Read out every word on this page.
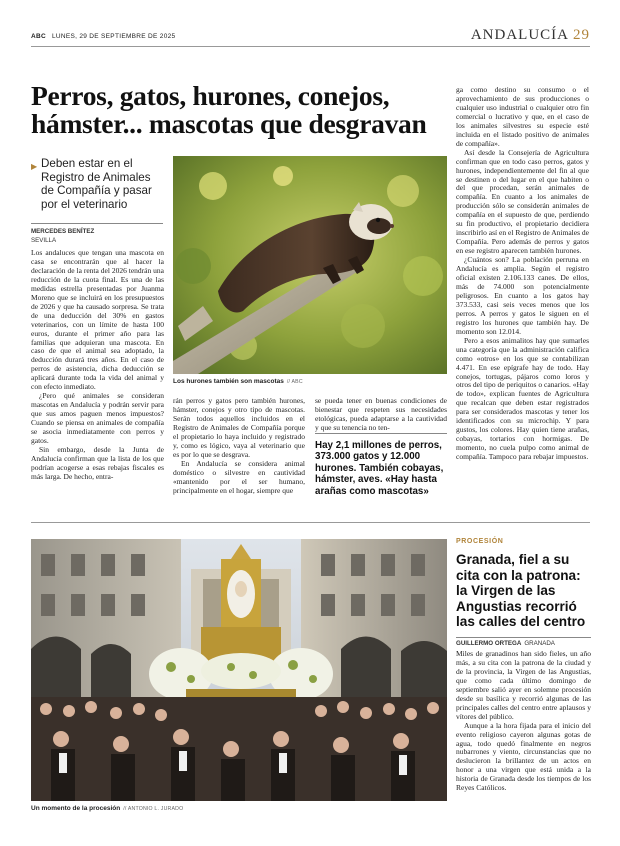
ABC LUNES, 29 DE SEPTIEMBRE DE 2025	ANDALUCÍA 29
Perros, gatos, hurones, conejos, hámster... mascotas que desgravan
▶ Deben estar en el Registro de Animales de Compañía y pasar por el veterinario
MERCEDES BENÍTEZ
SEVILLA

Los andaluces que tengan una mascota en casa se encontrarán que al hacer la declaración de la renta del 2026 tendrán una reducción de la cuota final. Es una de las medidas estrella presentadas por Juanma Moreno que se incluirá en los presupuestos de 2026 y que ha causado sorpresa. Se trata de una deducción del 30% en gastos veterinarios, con un límite de hasta 100 euros, durante el primer año para las familias que adquieran una mascota. En caso de que el animal sea adoptado, la deducción durará tres años. En el caso de perros de asistencia, dicha deducción se aplicará durante toda la vida del animal y con efecto inmediato.

¿Pero qué animales se consideran mascotas en Andalucía y podrán servir para que sus amos paguen menos impuestos? Cuando se piensa en animales de compañía se asocia inmediatamente con perros y gatos.

Sin embargo, desde la Junta de Andalucía confirman que la lista de los que podrían acogerse a esas rebajas fiscales es más larga. De hecho, entra-

Los hurones también son mascotas // ABC

rán perros y gatos pero también hurones, hámster, conejos y otro tipo de mascotas. Serán todos aquellos incluidos en el Registro de Animales de Compañía porque el propietario lo haya incluido y registrado y, como es lógico, vaya al veterinario que es por lo que se desgrava.

En Andalucía se considera animal doméstico o silvestre en cautividad «mantenido por el ser humano, principalmente en el hogar, siempre que

se pueda tener en buenas condiciones de bienestar que respeten sus necesidades etológicas, pueda adaptarse a la cautividad y que su tenencia no ten-

Hay 2,1 millones de perros, 373.000 gatos y 12.000 hurones. También cobayas, hámster, aves. «Hay hasta arañas como mascotas»

ga como destino su consumo o el aprovechamiento de sus producciones o cualquier uso industrial o cualquier otro fin comercial o lucrativo y que, en el caso de los animales silvestres su especie esté incluida en el listado positivo de animales de compañía».

Así desde la Consejería de Agricultura confirman que en todo caso perros, gatos y hurones, independientemente del fin al que se destinen o del lugar en el que habiten o del que procedan, serán animales de compañía. En cuanto a los animales de producción sólo se considerán animales de compañía en el supuesto de que, perdiendo su fin productivo, el propietario decidiera inscribirlo así en el Registro de Animales de Compañía. Pero además de perros y gatos en ese registro aparecen también hurones.

¿Cuántos son? La población perruna en Andalucía es amplia. Según el registro oficial existen 2.106.133 canes. De ellos, más de 74.000 son potencialmente peligrosos. En cuanto a los gatos hay 373.533, casi seis veces menos que los perros. A perros y gatos le siguen en el registro los hurones que también hay. De momento son 12.014.

Pero a esos animalitos hay que sumarles una categoría que la administración califica como «otros» en los que se contabilizan 4.471. En ese epígrafe hay de todo. Hay conejos, tortugas, pájaros como loros y otros del tipo de periquitos o canarios. «Hay de todo», explican fuentes de Agricultura que recalcan que deben estar registrados para ser considerados mascotas y tener los identificados con su microchip. Y para gustos, los colores. Hay quien tiene arañas, cobayas, tortarios con hormigas. De momento, no cuela pulpo como animal de compañía. Tampoco para rebajar impuestos.

Un momento de la procesión // ANTONIO L. JURADO
PROCESIÓN
Granada, fiel a su cita con la patrona: la Virgen de las Angustias recorrió las calles del centro
GUILLERMO ORTEGA GRANADA

Miles de granadinos han sido fieles, un año más, a su cita con la patrona de la ciudad y de la provincia, la Virgen de las Angustias, que como cada último domingo de septiembre salió ayer en solemne procesión desde su basílica y recorrió algunas de las principales calles del centro entre aplausos y vítores del público.

Aunque a la hora fijada para el inicio del evento religioso cayeron algunas gotas de agua, todo quedó finalmente en negros nubarrones y viento, circunstancias que no deslucieron la brillantez de un actos en honor a una virgen que está unida a la historia de Granada desde los tiempos de los Reyes Católicos.
